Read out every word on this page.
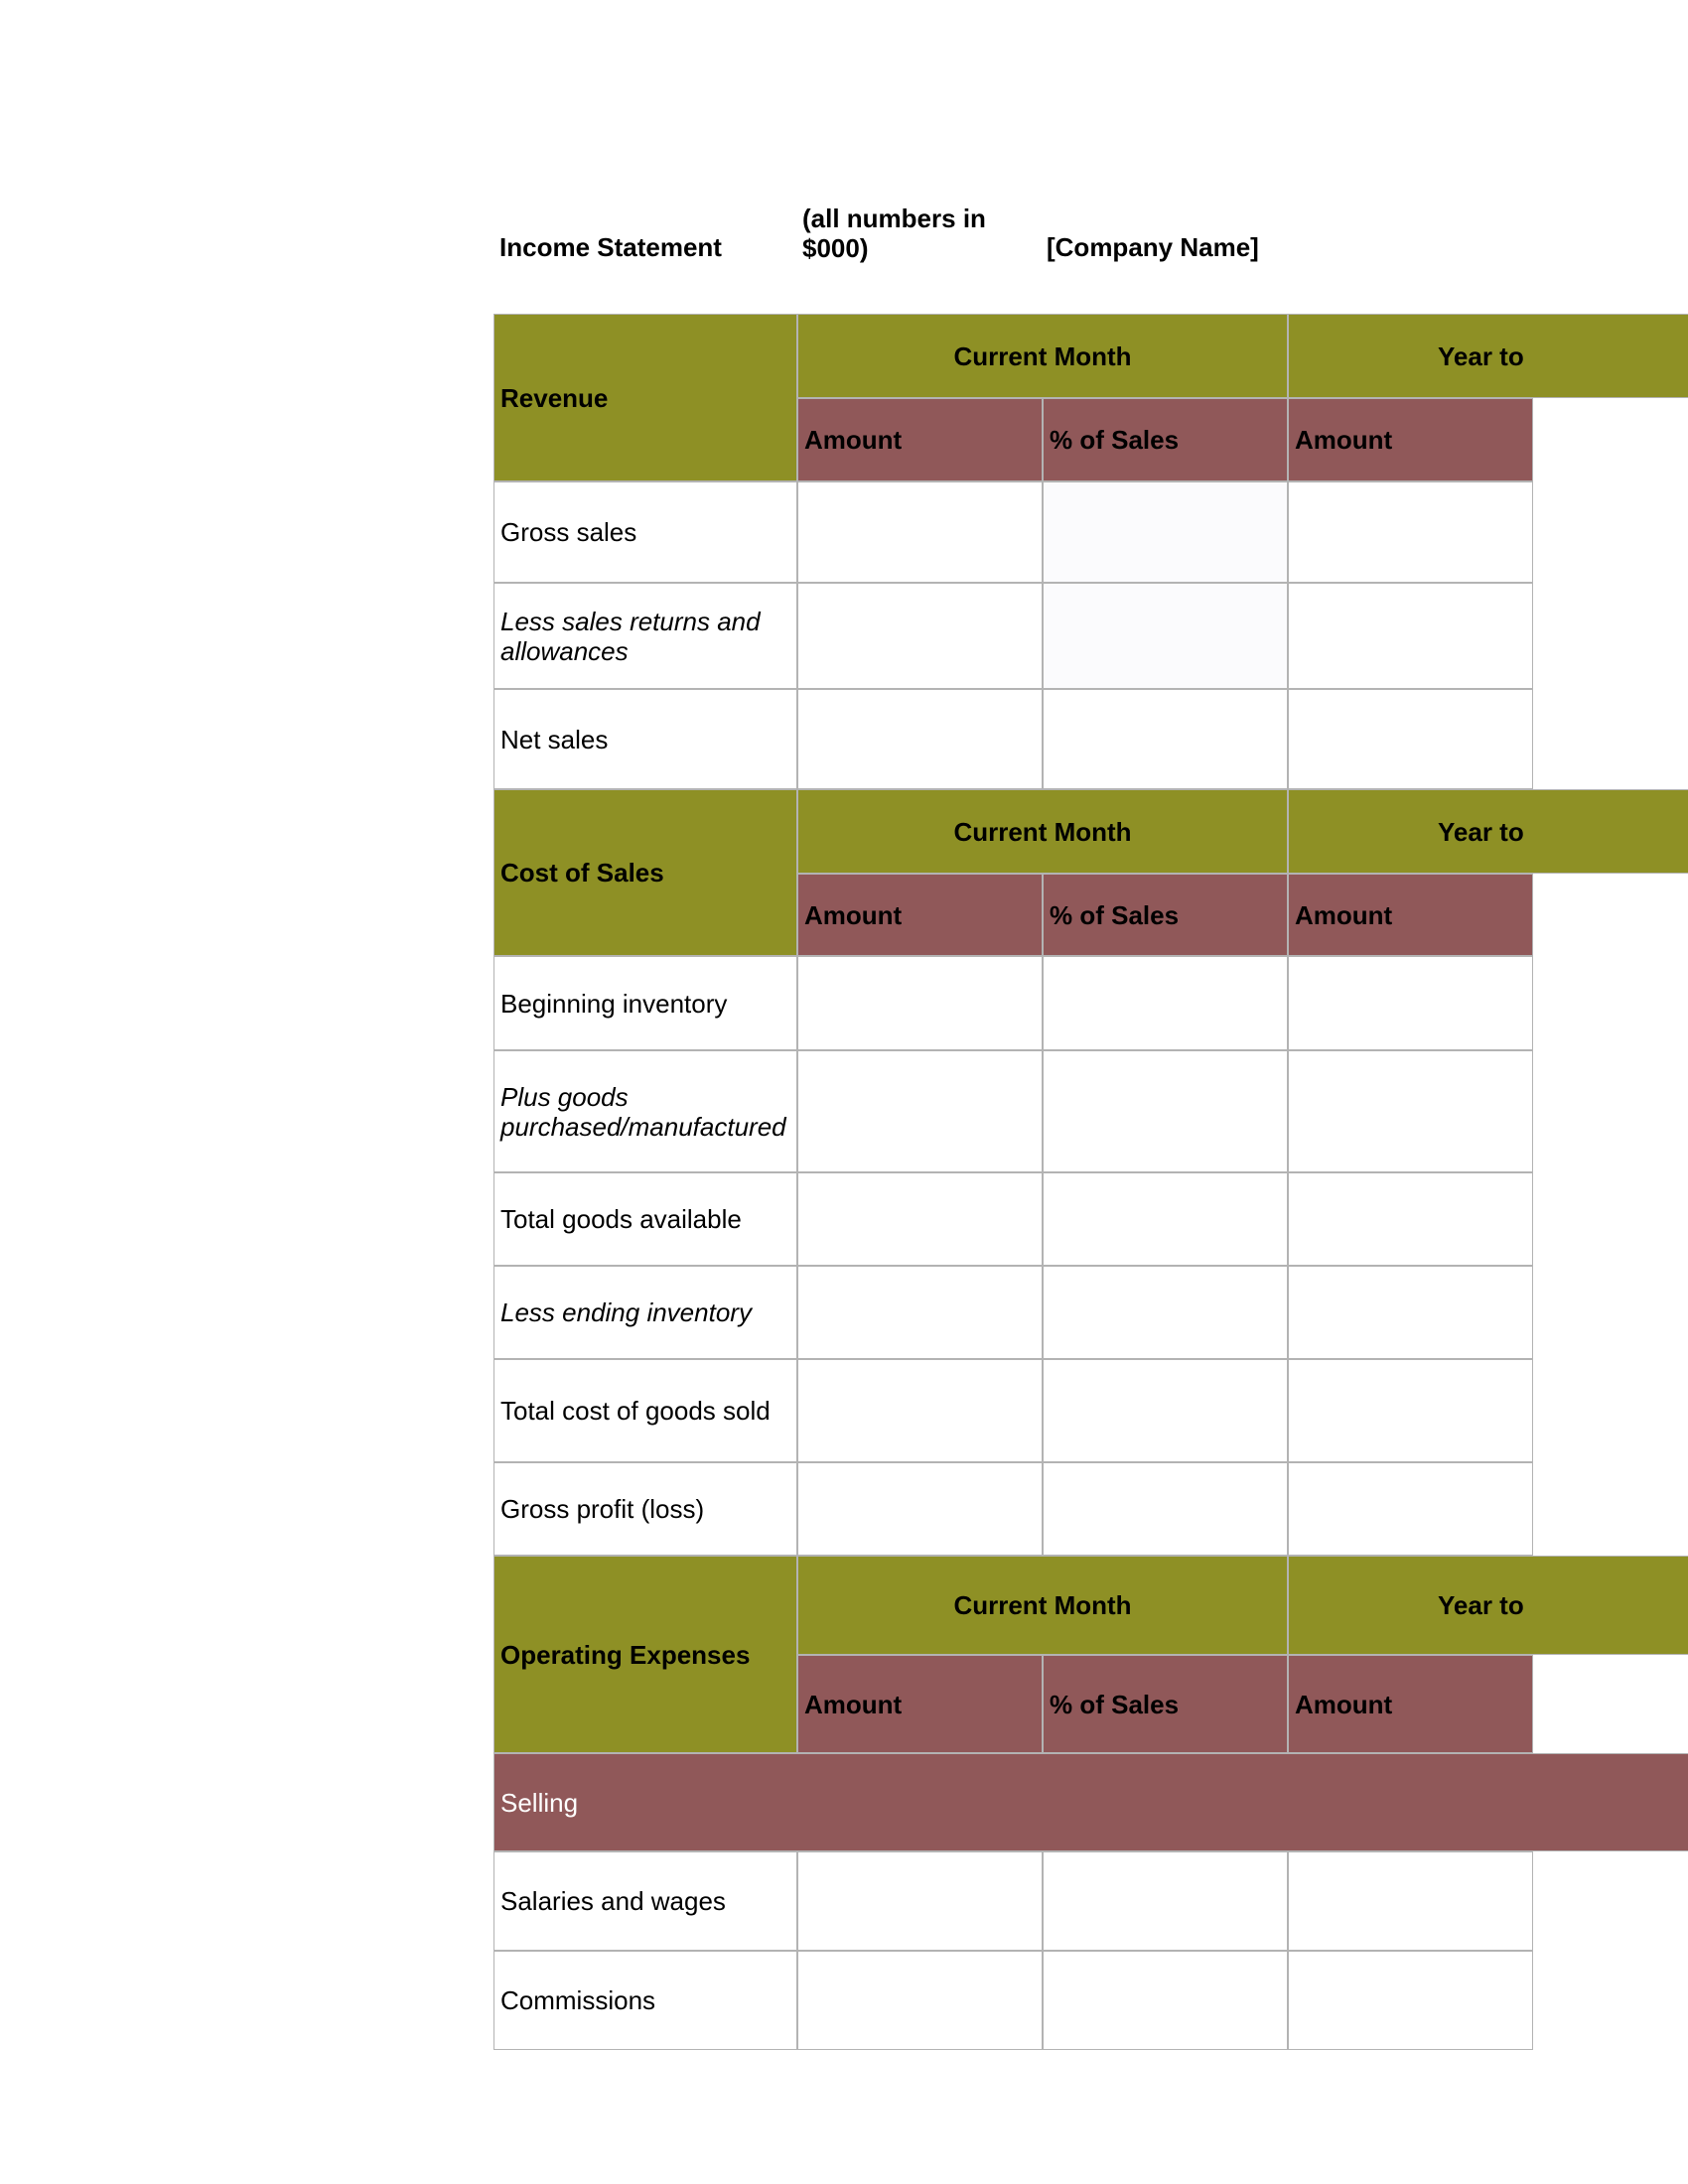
Income Statement
(all numbers in $000)	[Company Name]
Revenue
Current Month	Year to
Amount	% of Sales	Amount
Gross sales
Less sales returns and allowances
Net sales
Cost of Sales
Current Month	Year to
Amount	% of Sales	Amount
Beginning inventory
Plus goods purchased/manufactured
Total goods available
Less ending inventory
Total cost of goods sold
Gross profit (loss)
Operating Expenses
Current Month	Year to
Amount	% of Sales	Amount
Selling
Salaries and wages
Commissions
